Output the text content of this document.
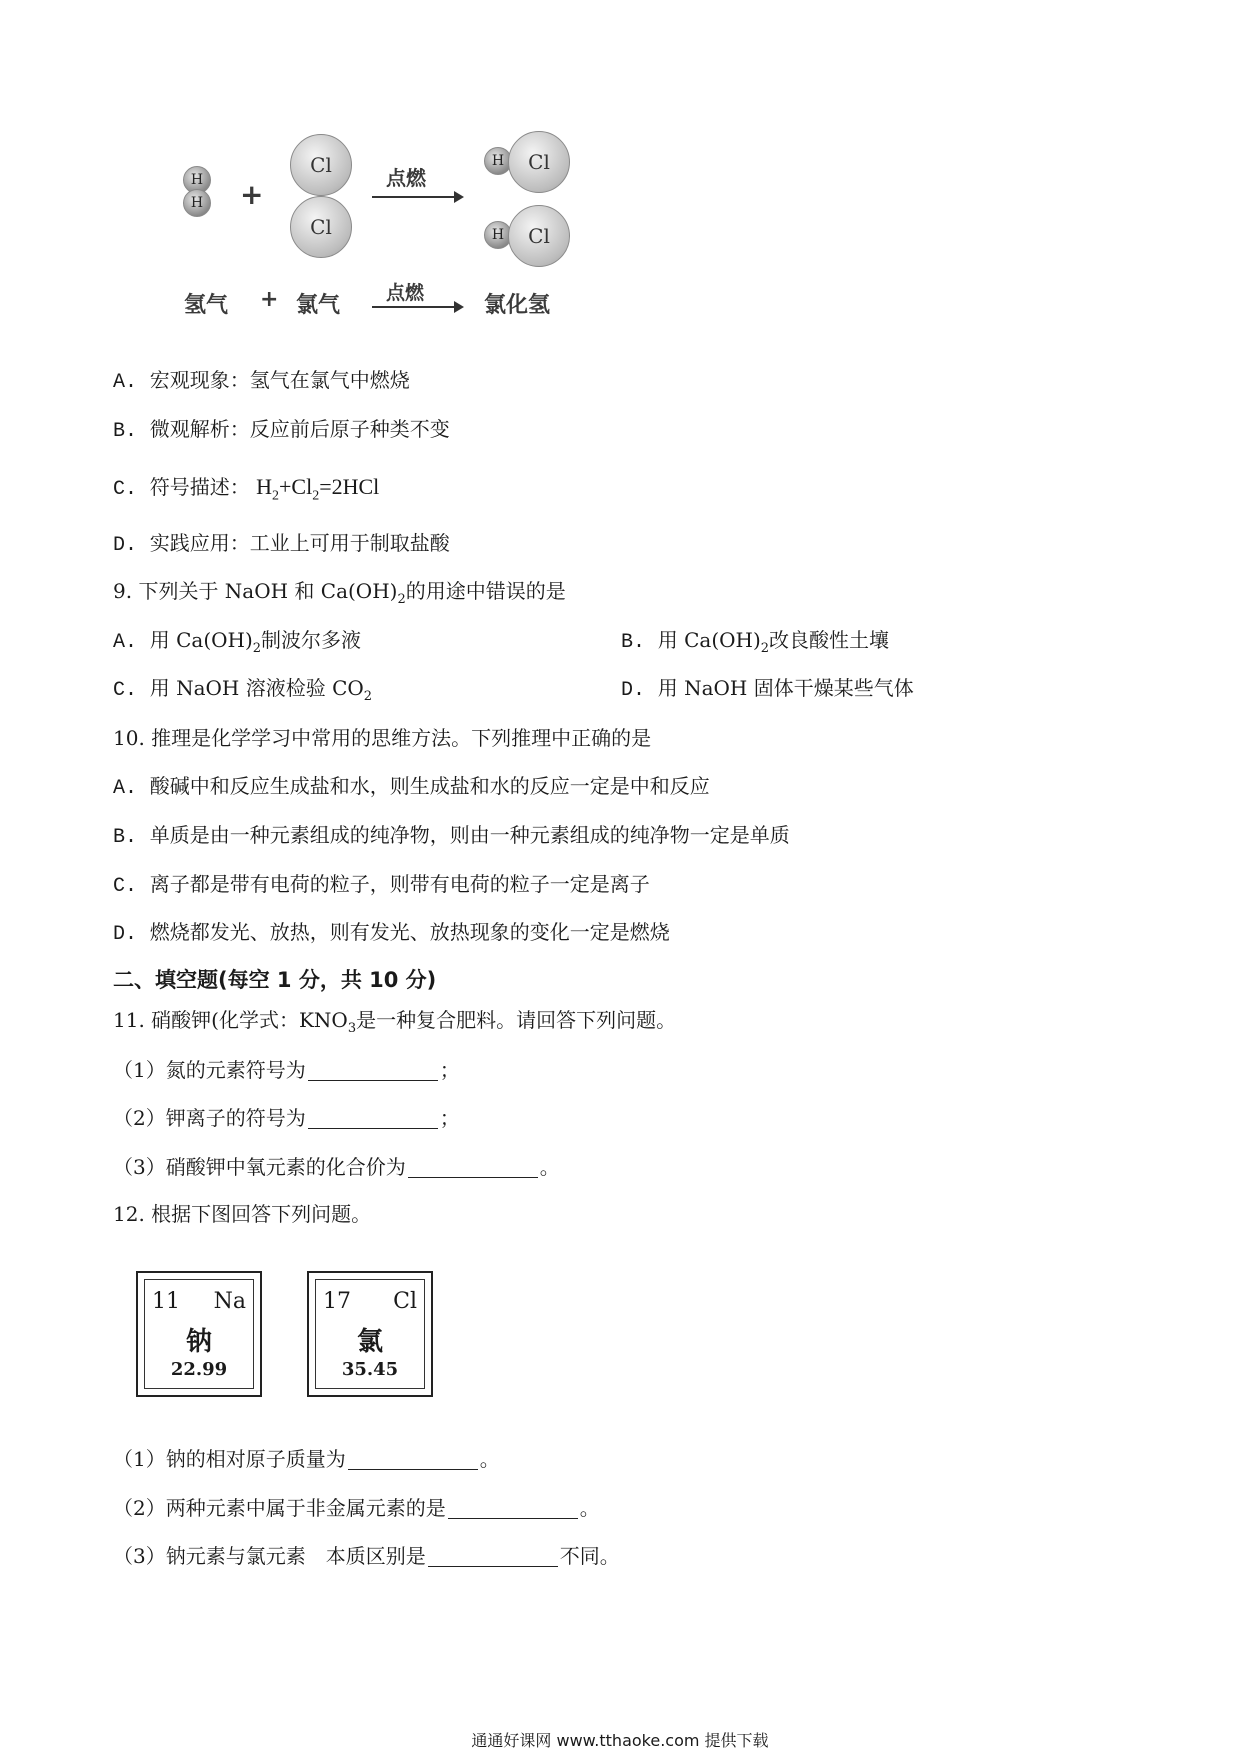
H
H +
Cl
Cl
点燃
H Cl
H Cl
氢气 + 氯气 点燃	氯化氢
A. 宏观现象：氢气在氯气中燃烧
B. 微观解析：反应前后原子种类不变
C. 符号描述： $H_2+Cl_2=2HCl$
D. 实践应用：工业上可用于制取盐酸
9. 下列关于 NaOH 和 $Ca(OH)_2$的用途中错误的是
A. 用 $Ca(OH)_2$制波尔多液	B. 用 $Ca(OH)_2$改良酸性土壤
C. 用 NaOH 溶液检验 $CO_2$	D. 用 NaOH 固体干燥某些气体
10. 推理是化学学习中常用的思维方法。下列推理中正确的是
A. 酸碱中和反应生成盐和水，则生成盐和水的反应一定是中和反应
B. 单质是由一种元素组成的纯净物，则由一种元素组成的纯净物一定是单质
C. 离子都是带有电荷的粒子，则带有电荷的粒子一定是离子
D. 燃烧都发光、放热，则有发光、放热现象的变化一定是燃烧
二、填空题(每空 1 分，共 10 分)
11. 硝酸钾(化学式：$KNO_3$是一种复合肥料。请回答下列问题。
（1）氮的元素符号为	；
（2）钾离子的符号为	；
（3）硝酸钾中氧元素的化合价为	。
12. 根据下图回答下列问题。
11 Na
钠
22.99
17 Cl
氯
35.45
（1）钠的相对原子质量为	。
（2）两种元素中属于非金属元素的是	。
（3）钠元素与氯元素　本质区别是	不同。
通通好课网 www.tthaoke.com 提供下载
